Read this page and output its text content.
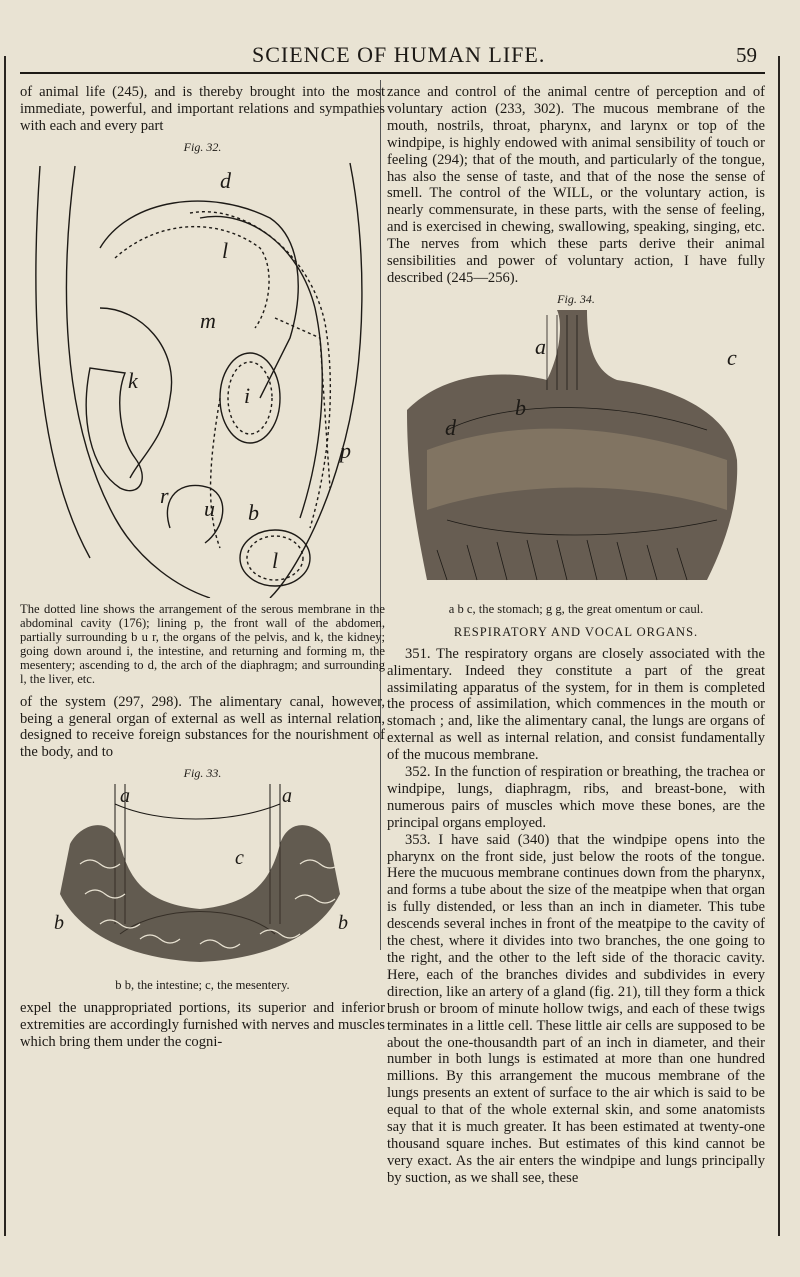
SCIENCE OF HUMAN LIFE.	59

of animal life (245), and is thereby brought into the most immediate, powerful, and important relations and sympathies with each and every part

Fig. 32.
d
l
m
k
i
p
r
u b
l

The dotted line shows the arrangement of the serous membrane in the abdominal cavity (176); lining p, the front wall of the abdomen, partially surrounding b u r, the organs of the pelvis, and k, the kidney; going down around i, the intestine, and returning and forming m, the mesentery; ascending to d, the arch of the diaphragm; and surrounding l, the liver, etc.

of the system (297, 298). The alimentary canal, however, being a general organ of external as well as internal relation, designed to receive foreign substances for the nourishment of the body, and to

Fig. 33.
a	a
c
b	b

b b, the intestine; c, the mesentery.

expel the unappropriated portions, its superior and inferior extremities are accordingly furnished with nerves and muscles which bring them under the cogni-

zance and control of the animal centre of perception and of voluntary action (233, 302). The mucous membrane of the mouth, nostrils, throat, pharynx, and larynx or top of the windpipe, is highly endowed with animal sensibility of touch or feeling (294); that of the mouth, and particularly of the tongue, has also the sense of taste, and that of the nose the sense of smell. The control of the WILL, or the voluntary action, is nearly commensurate, in these parts, with the sense of feeling, and is exercised in chewing, swallowing, speaking, singing, etc. The nerves from which these parts derive their animal sensibilities and power of voluntary action, I have fully described (245—256).

Fig. 34.
a
b
c
d

a b c, the stomach; g g, the great omentum or caul.

RESPIRATORY AND VOCAL ORGANS.

351. The respiratory organs are closely associated with the alimentary. Indeed they constitute a part of the great assimilating apparatus of the system, for in them is completed the process of assimilation, which commences in the mouth or stomach ; and, like the alimentary canal, the lungs are organs of external as well as internal relation, and consist fundamentally of the mucous membrane.

352. In the function of respiration or breathing, the trachea or windpipe, lungs, diaphragm, ribs, and breast-bone, with numerous pairs of muscles which move these bones, are the principal organs employed.

353. I have said (340) that the windpipe opens into the pharynx on the front side, just below the roots of the tongue. Here the mucuous membrane continues down from the pharynx, and forms a tube about the size of the meatpipe when that organ is fully distended, or less than an inch in diameter. This tube descends several inches in front of the meatpipe to the cavity of the chest, where it divides into two branches, the one going to the right, and the other to the left side of the thoracic cavity. Here, each of the branches divides and subdivides in every direction, like an artery of a gland (fig. 21), till they form a thick brush or broom of minute hollow twigs, and each of these twigs terminates in a little cell. These little air cells are supposed to be about the one-thousandth part of an inch in diameter, and their number in both lungs is estimated at more than one hundred millions. By this arrangement the mucous membrane of the lungs presents an extent of surface to the air which is said to be equal to that of the whole external skin, and some anatomists say that it is much greater. It has been estimated at twenty-one thousand square inches. But estimates of this kind cannot be very exact. As the air enters the windpipe and lungs principally by suction, as we shall see, these
